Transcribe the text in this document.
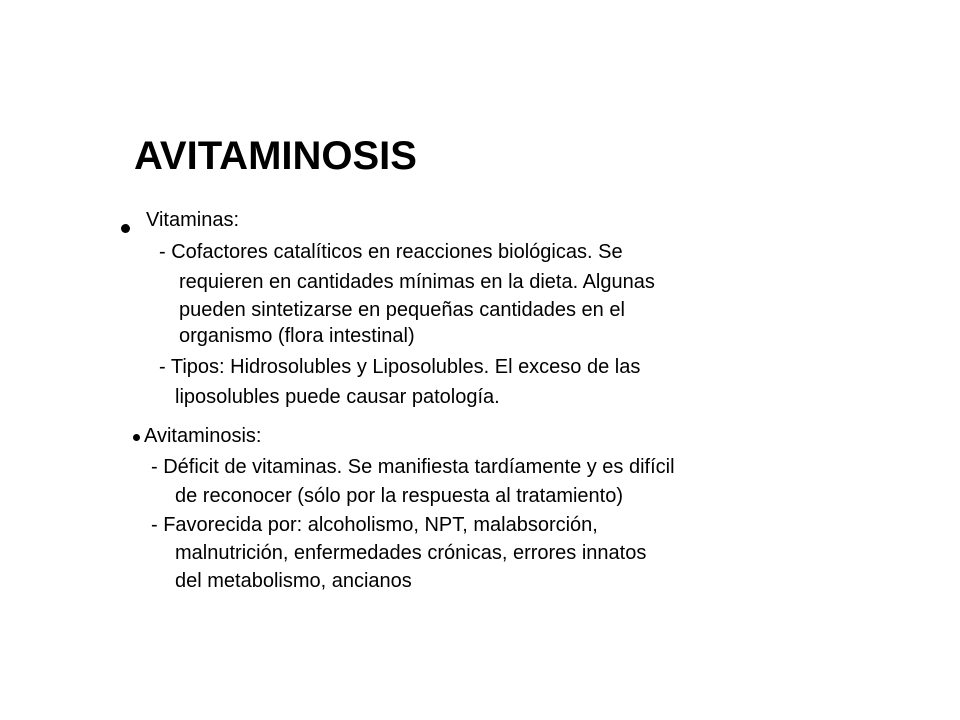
AVITAMINOSIS
Vitaminas:
- Cofactores catalíticos en reacciones biológicas. Se
requieren en cantidades mínimas en la dieta. Algunas
pueden sintetizarse en pequeñas cantidades en el
organismo (flora intestinal)
- Tipos: Hidrosolubles y Liposolubles. El exceso de las
liposolubles puede causar patología.
Avitaminosis:
- Déficit de vitaminas. Se manifiesta tardíamente y es difícil
de reconocer (sólo por la respuesta al tratamiento)
- Favorecida por: alcoholismo, NPT, malabsorción,
malnutrición, enfermedades crónicas, errores innatos
del metabolismo, ancianos
